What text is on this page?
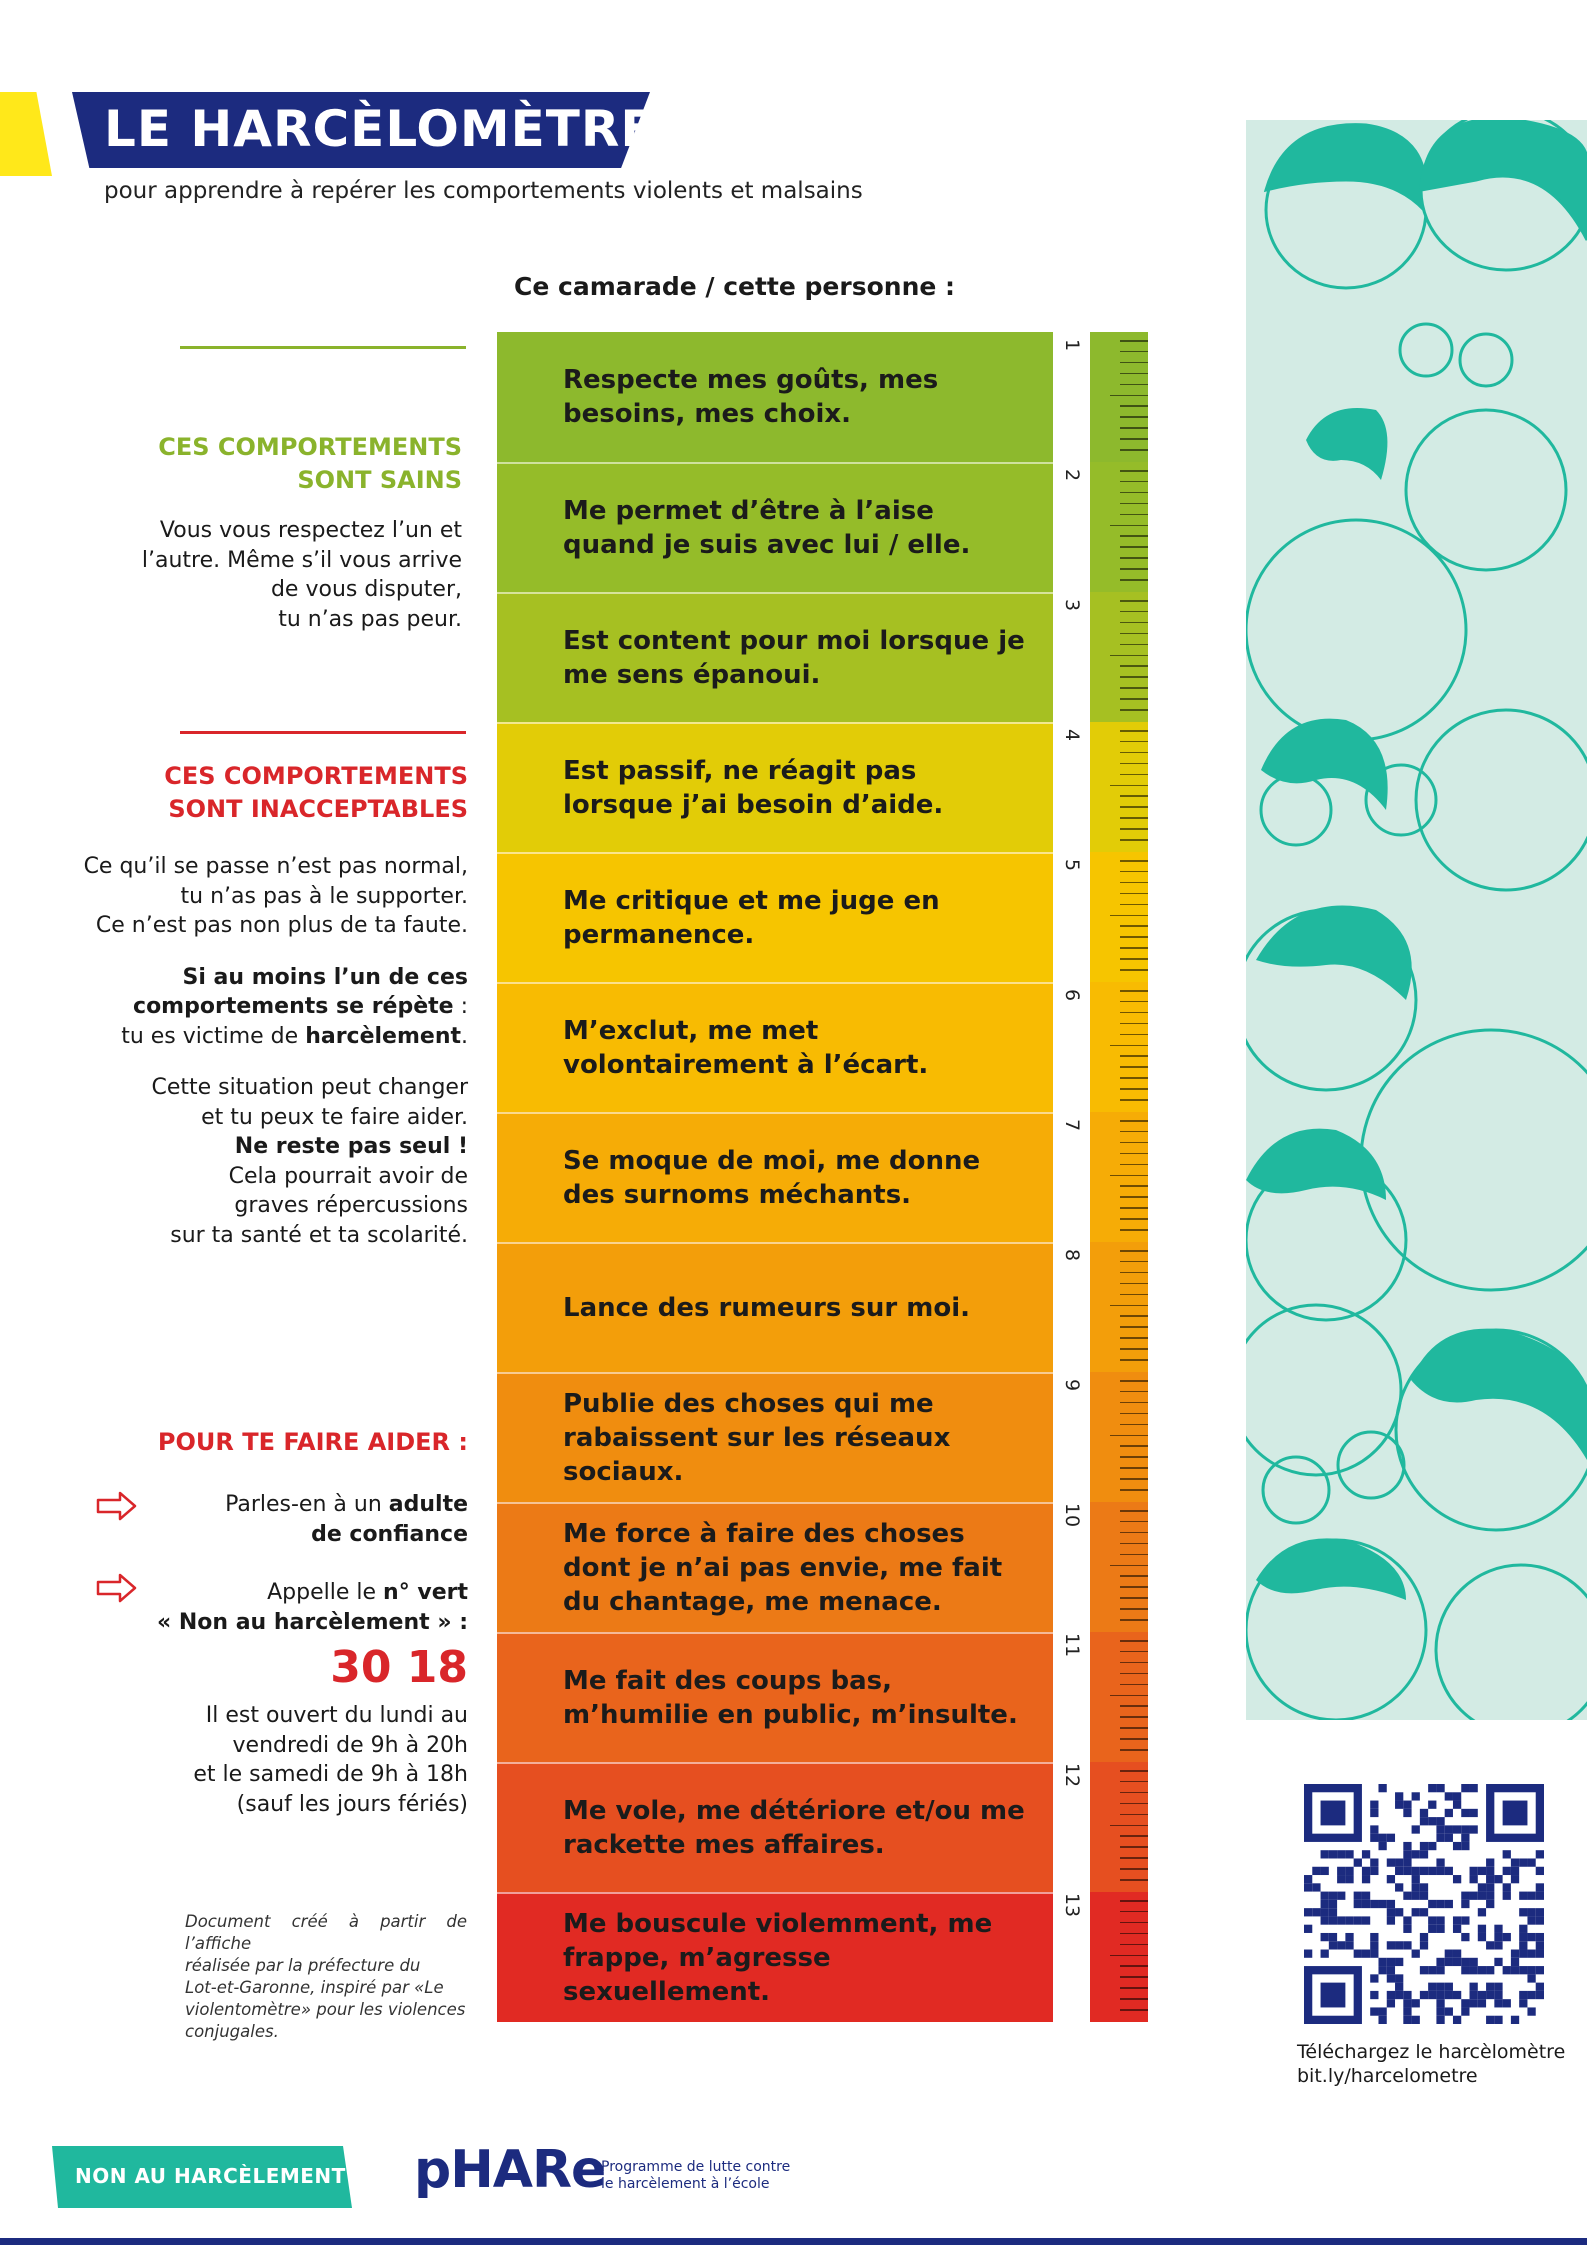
LE HARCÈLOMÈTRE
pour apprendre à repérer les comportements violents et malsains
Ce camarade / cette personne :
CES COMPORTEMENTS
SONT SAINS
Vous vous respectez l’un et
l’autre. Même s’il vous arrive
de vous disputer,
tu n’as pas peur.
CES COMPORTEMENTS
SONT INACCEPTABLES
Ce qu’il se passe n’est pas normal,
tu n’as pas à le supporter.
Ce n’est pas non plus de ta faute.
Si au moins l’un de ces
comportements se répète :
tu es victime de harcèlement.
Cette situation peut changer
et tu peux te faire aider.
Ne reste pas seul !
Cela pourrait avoir de
graves répercussions
sur ta santé et ta scolarité.
POUR TE FAIRE AIDER :
Parles-en à un adulte
de confiance
Appelle le n° vert
« Non au harcèlement » :
30 18
Il est ouvert du lundi au
vendredi de 9h à 20h
et le samedi de 9h à 18h
(sauf les jours fériés)
Document créé à partir de l’affiche
réalisée par la préfecture du
Lot-et-Garonne, inspiré par «Le
violentomètre» pour les violences
conjugales.
Respecte mes goûts, mes besoins, mes choix.
Me permet d’être à l’aise quand je suis avec lui / elle.
Est content pour moi lorsque je me sens épanoui.
Est passif, ne réagit pas lorsque j’ai besoin d’aide.
Me critique et me juge en permanence.
M’exclut, me met volontairement à l’écart.
Se moque de moi, me donne des surnoms méchants.
Lance des rumeurs sur moi.
Publie des choses qui me rabaissent sur les réseaux sociaux.
Me force à faire des choses dont je n’ai pas envie, me fait du chantage, me menace.
Me fait des coups bas, m’humilie en public, m’insulte.
Me vole, me détériore et/ou me rackette mes affaires.
Me bouscule violemment, me frappe, m’agresse sexuellement.
1
2
3
4
5
6
7
8
9
10
11
12
13
Téléchargez le harcèlomètre
bit.ly/harcelometre
NON AU HARCÈLEMENT pHARe
Programme de lutte contre
le harcèlement à l’école
